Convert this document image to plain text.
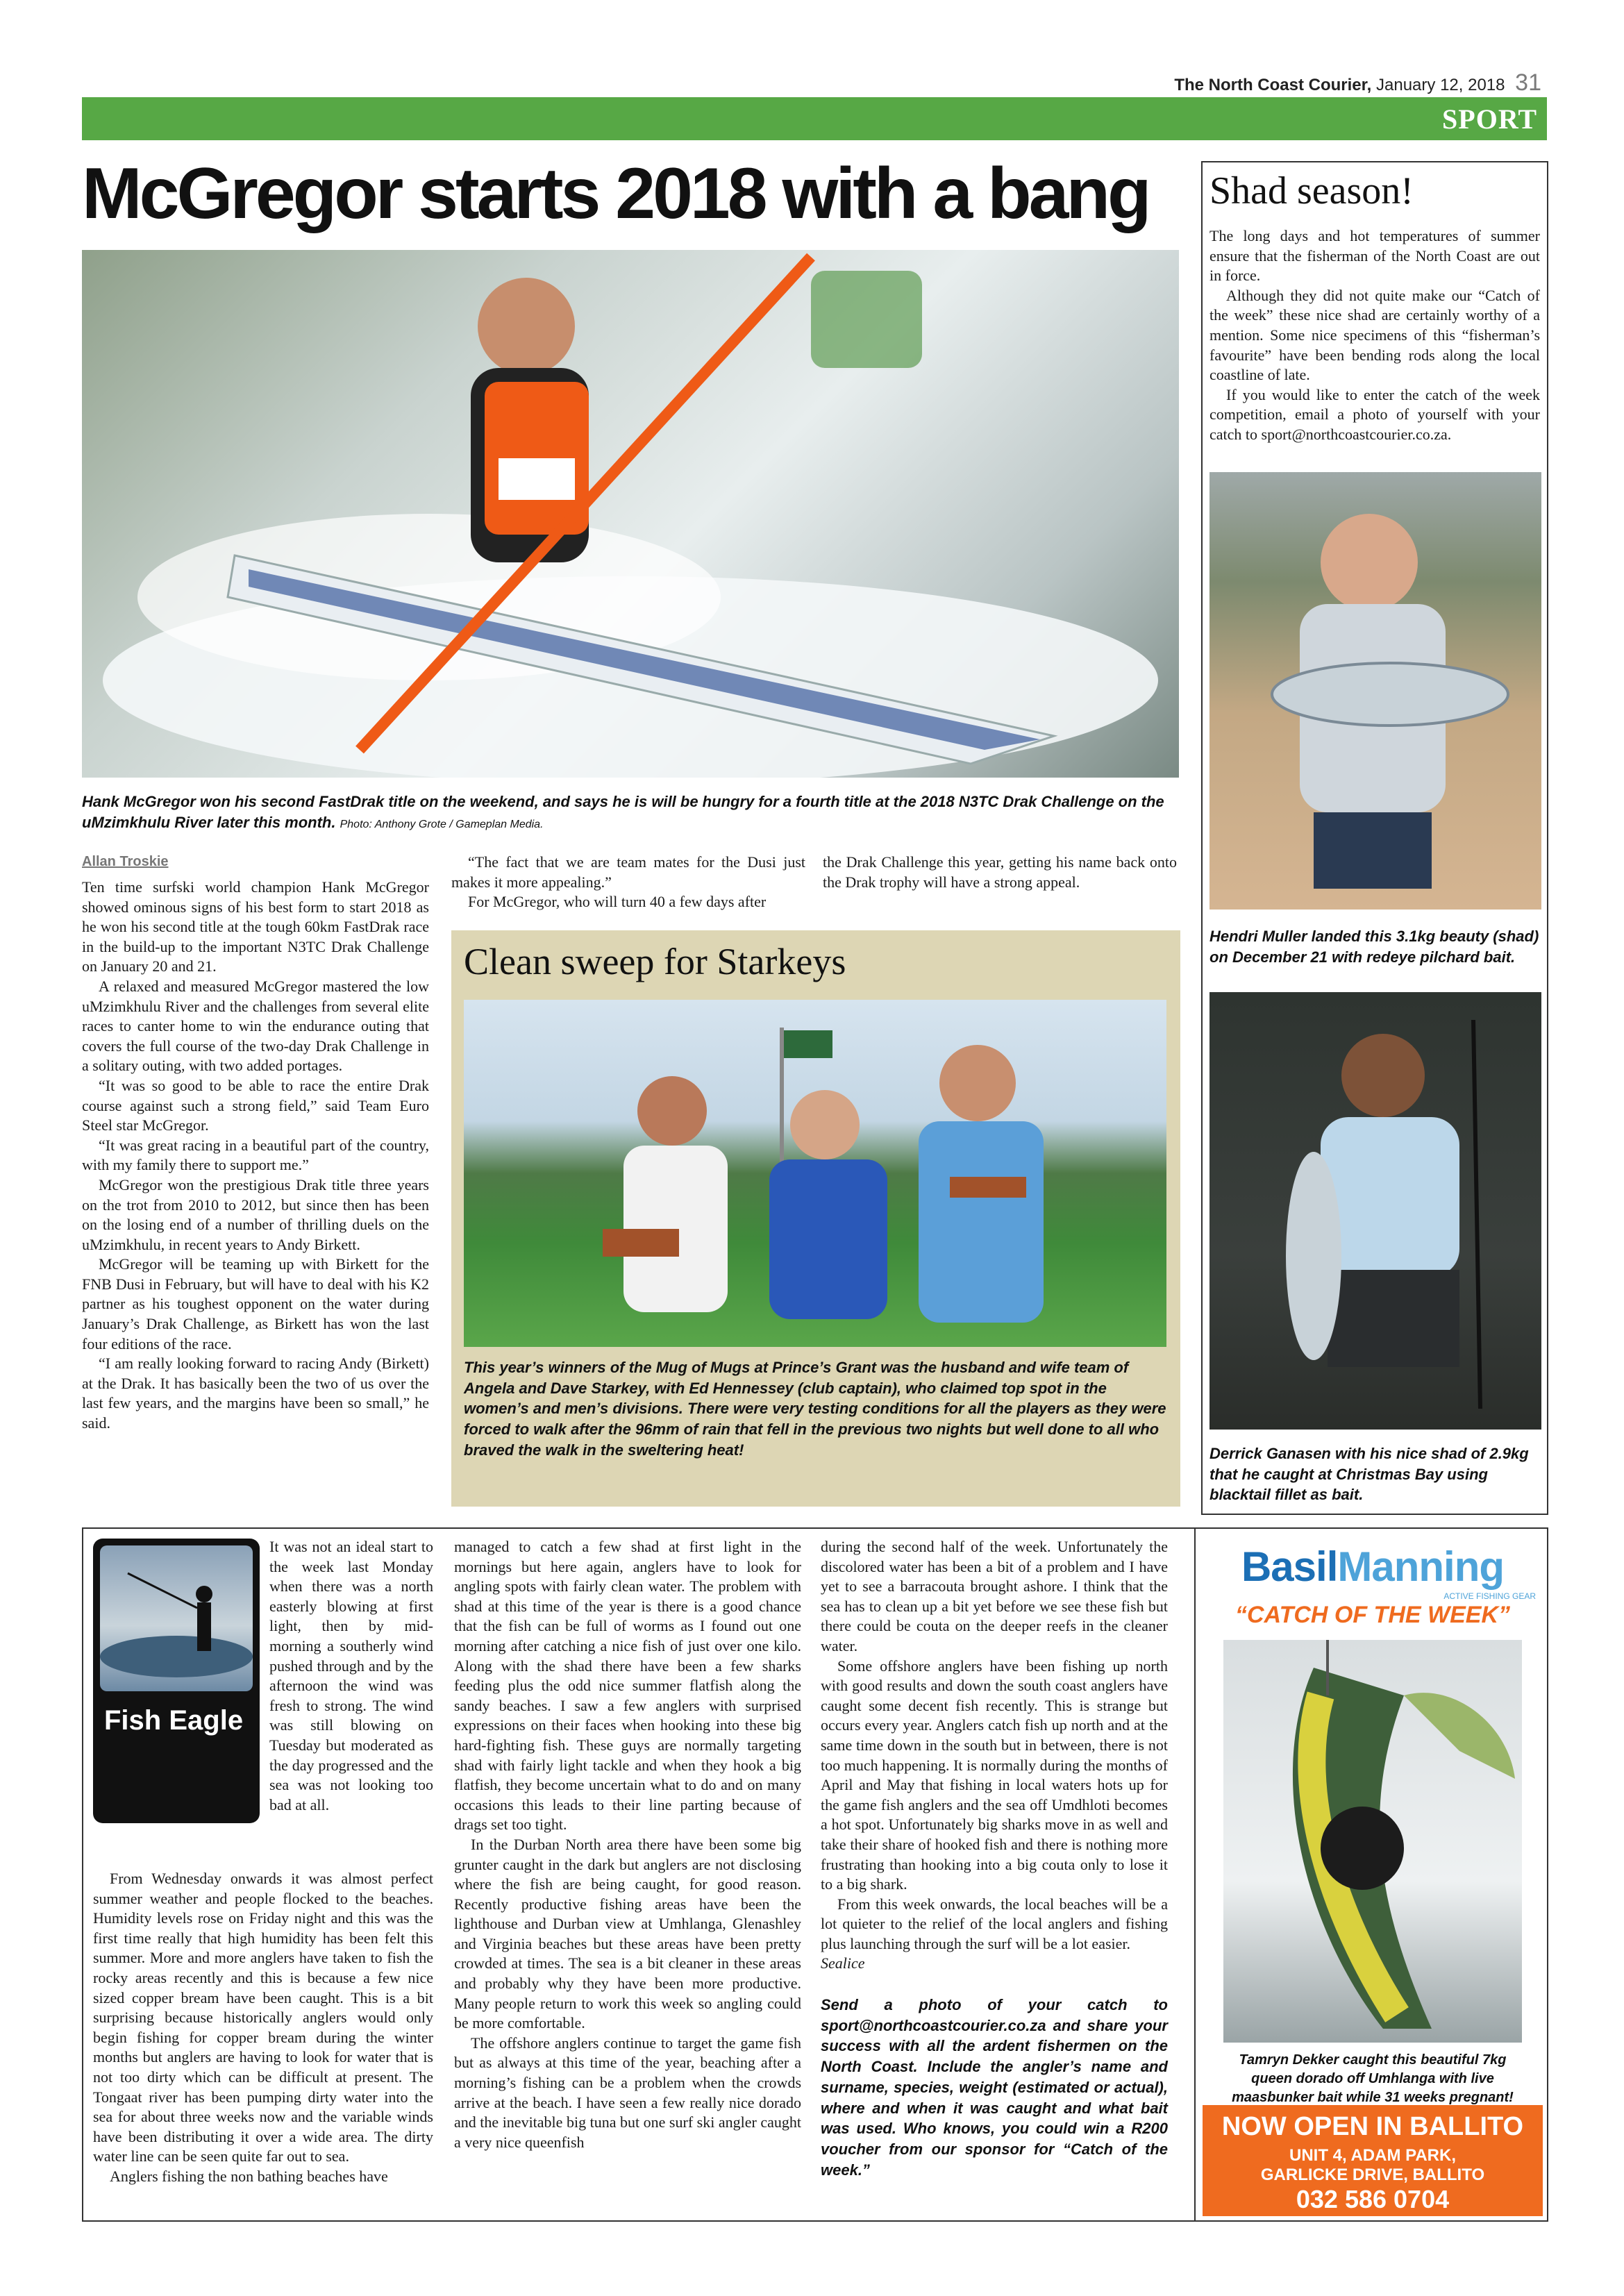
The North Coast Courier, January 12, 2018 31
SPORT
McGregor starts 2018 with a bang
Hank McGregor won his second FastDrak title on the weekend, and says he is will be hungry for a fourth title at the 2018 N3TC Drak Challenge on the uMzimkhulu River later this month. Photo: Anthony Grote / Gameplan Media.
Allan Troskie

Ten time surfski world champion Hank McGregor showed ominous signs of his best form to start 2018 as he won his second title at the tough 60km FastDrak race in the build-up to the important N3TC Drak Challenge on January 20 and 21.

A relaxed and measured McGregor mastered the low uMzimkhulu River and the challenges from several elite races to canter home to win the endurance outing that covers the full course of the two-day Drak Challenge in a solitary outing, with two added portages.

“It was so good to be able to race the entire Drak course against such a strong field,” said Team Euro Steel star McGregor.

“It was great racing in a beautiful part of the country, with my family there to support me.”

McGregor won the prestigious Drak title three years on the trot from 2010 to 2012, but since then has been on the losing end of a number of thrilling duels on the uMzimkhulu, in recent years to Andy Birkett.

McGregor will be teaming up with Birkett for the FNB Dusi in February, but will have to deal with his K2 partner as his toughest opponent on the water during January’s Drak Challenge, as Birkett has won the last four editions of the race.

“I am really looking forward to racing Andy (Birkett) at the Drak. It has basically been the two of us over the last few years, and the margins have been so small,” he said.

“The fact that we are team mates for the Dusi just makes it more appealing.”

For McGregor, who will turn 40 a few days after

the Drak Challenge this year, getting his name back onto the Drak trophy will have a strong appeal.

Clean sweep for Starkeys
This year’s winners of the Mug of Mugs at Prince’s Grant was the husband and wife team of Angela and Dave Starkey, with Ed Hennessey (club captain), who claimed top spot in the women’s and men’s divisions. There were very testing conditions for all the players as they were forced to walk after the 96mm of rain that fell in the previous two nights but well done to all who braved the walk in the sweltering heat!
Shad season!

The long days and hot temperatures of summer ensure that the fisherman of the North Coast are out in force.

Although they did not quite make our “Catch of the week” these nice shad are certainly worthy of a mention. Some nice specimens of this “fisherman’s favourite” have been bending rods along the local coastline of late.

If you would like to enter the catch of the week competition, email a photo of yourself with your catch to sport@northcoastcourier.co.za.

Hendri Muller landed this 3.1kg beauty (shad) on December 21 with redeye pilchard bait.
Derrick Ganasen with his nice shad of 2.9kg that he caught at Christmas Bay using blacktail fillet as bait.
Fish Eagle
It was not an ideal start to the week last Monday when there was a north easterly blowing at first light, then by mid-morning a southerly wind pushed through and by the afternoon the wind was fresh to strong. The wind was still blowing on Tuesday but moderated as the day progressed and the sea was not looking too bad at all.

From Wednesday onwards it was almost perfect summer weather and people flocked to the beaches. Humidity levels rose on Friday night and this was the first time really that high humidity has been felt this summer. More and more anglers have taken to fish the rocky areas recently and this is because a few nice sized copper bream have been caught. This is a bit surprising because historically anglers would only begin fishing for copper bream during the winter months but anglers are having to look for water that is not too dirty which can be difficult at present. The Tongaat river has been pumping dirty water into the sea for about three weeks now and the variable winds have been distributing it over a wide area. The dirty water line can be seen quite far out to sea.

Anglers fishing the non bathing beaches have

managed to catch a few shad at first light in the mornings but here again, anglers have to look for angling spots with fairly clean water. The problem with shad at this time of the year is there is a good chance that the fish can be full of worms as I found out one morning after catching a nice fish of just over one kilo. Along with the shad there have been a few sharks feeding plus the odd nice summer flatfish along the sandy beaches. I saw a few anglers with surprised expressions on their faces when hooking into these big hard-fighting fish. These guys are normally targeting shad with fairly light tackle and when they hook a big flatfish, they become uncertain what to do and on many occasions this leads to their line parting because of drags set too tight.

In the Durban North area there have been some big grunter caught in the dark but anglers are not disclosing where the fish are being caught, for good reason. Recently productive fishing areas have been the lighthouse and Durban view at Umhlanga, Glenashley and Virginia beaches but these areas have been pretty crowded at times. The sea is a bit cleaner in these areas and probably why they have been more productive. Many people return to work this week so angling could be more comfortable.

The offshore anglers continue to target the game fish but as always at this time of the year, beaching after a morning’s fishing can be a problem when the crowds arrive at the beach. I have seen a few really nice dorado and the inevitable big tuna but one surf ski angler caught a very nice queenfish

during the second half of the week. Unfortunately the discolored water has been a bit of a problem and I have yet to see a barracouta brought ashore. I think that the sea has to clean up a bit yet before we see these fish but there could be couta on the deeper reefs in the cleaner water.

Some offshore anglers have been fishing up north with good results and down the south coast anglers have caught some decent fish recently. This is strange but occurs every year. Anglers catch fish up north and at the same time down in the south but in between, there is not too much happening. It is normally during the months of April and May that fishing in local waters hots up for the game fish anglers and the sea off Umdhloti becomes a hot spot. Unfortunately big sharks move in as well and take their share of hooked fish and there is nothing more frustrating than hooking into a big couta only to lose it to a big shark.

From this week onwards, the local beaches will be a lot quieter to the relief of the local anglers and fishing plus launching through the surf will be a lot easier.

Sealice

Send a photo of your catch to sport@northcoastcourier.co.za and share your success with all the ardent fishermen on the North Coast. Include the angler’s name and surname, species, weight (estimated or actual), where and when it was caught and what bait was used. Who knows, you could win a R200 voucher from our sponsor for “Catch of the week.”

BasilManning
ACTIVE FISHING GEAR
“CATCH OF THE WEEK”
Tamryn Dekker caught this beautiful 7kg queen dorado off Umhlanga with live maasbunker bait while 31 weeks pregnant!
NOW OPEN IN BALLITO
UNIT 4, ADAM PARK,
GARLICKE DRIVE, BALLITO
032 586 0704
